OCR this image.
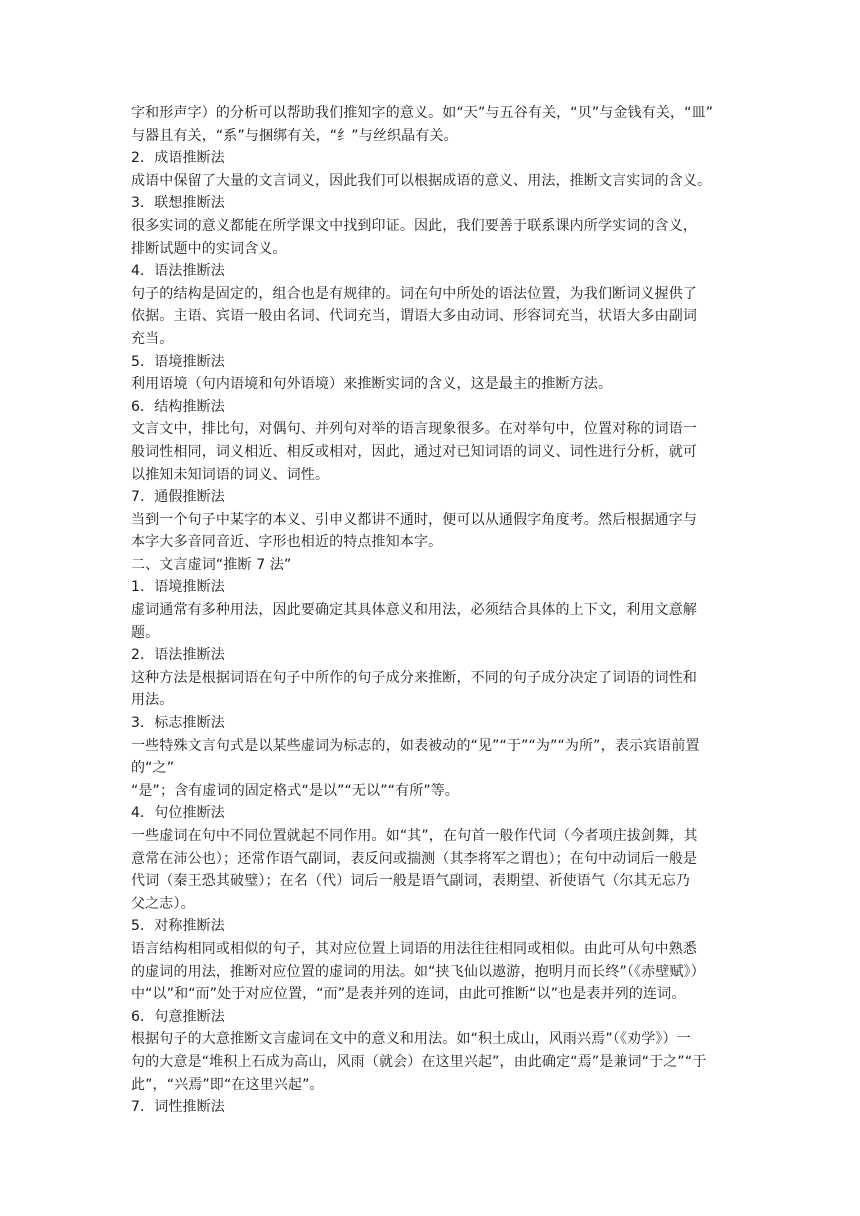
字和形声字）的分析可以帮助我们推知字的意义。如“天”与五谷有关，“贝”与金钱有关，“皿”
与器且有关，“系”与捆绑有关，“纟”与丝织晶有关。
2．成语推断法
成语中保留了大量的文言词义，因此我们可以根据成语的意义、用法，推断文言实词的含义。
3．联想推断法
很多实词的意义都能在所学课文中找到印证。因此，我们要善于联系课内所学实词的含义，
排断试题中的实词含义。
4．语法推断法
句子的结构是固定的，组合也是有规律的。词在句中所处的语法位置，为我们断词义握供了
依据。主语、宾语一般由名词、代词充当，谓语大多由动词、形容词充当，状语大多由副词
充当。
5．语境推断法
利用语境（句内语境和句外语境）来推断实词的含义，这是最主的推断方法。
6．结构推断法
文言文中，排比句，对偶句、并列句对举的语言现象很多。在对举句中，位置对称的词语一
般词性相同，词义相近、相反或相对，因此，通过对已知词语的词义、词性进行分析，就可
以推知未知词语的词义、词性。
7．通假推断法
当到一个句子中某字的本义、引申义都讲不通时，便可以从通假字角度考。然后根据通字与
本字大多音同音近、字形也相近的特点推知本字。
二、文言虚词“推断 7 法”
1．语境推断法
虚词通常有多种用法，因此要确定其具体意义和用法，必须结合具体的上下文，利用文意解
题。
2．语法推断法
这种方法是根据词语在句子中所作的句子成分来推断，不同的句子成分决定了词语的词性和
用法。
3．标志推断法
一些特殊文言句式是以某些虚词为标志的，如表被动的“见”“于”“为”“为所”，表示宾语前置的“之”
“是”；含有虚词的固定格式“是以”“无以”“有所”等。
4．句位推断法
一些虚词在句中不同位置就起不同作用。如“其”，在句首一般作代词（今者项庄拔剑舞，其
意常在沛公也）；还常作语气副词，表反问或揣测（其李将军之谓也）；在句中动词后一般是
代词（秦王恐其破璧）；在名（代）词后一般是语气副词，表期望、祈使语气（尔其无忘乃
父之志）。
5．对称推断法
语言结构相同或相似的句子，其对应位置上词语的用法往往相同或相似。由此可从句中熟悉
的虚词的用法，推断对应位置的虚词的用法。如“挟飞仙以遨游，抱明月而长终”（《赤壁赋》）
中“以”和“而”处于对应位置，“而”是表并列的连词，由此可推断“以”也是表并列的连词。
6．句意推断法
根据句子的大意推断文言虚词在文中的意义和用法。如“积土成山，风雨兴焉”（《劝学》）一
句的大意是“堆积上石成为高山，风雨（就会）在这里兴起”，由此确定“焉”是兼词“于之”“于
此”，“兴焉”即“在这里兴起”。
7．词性推断法
